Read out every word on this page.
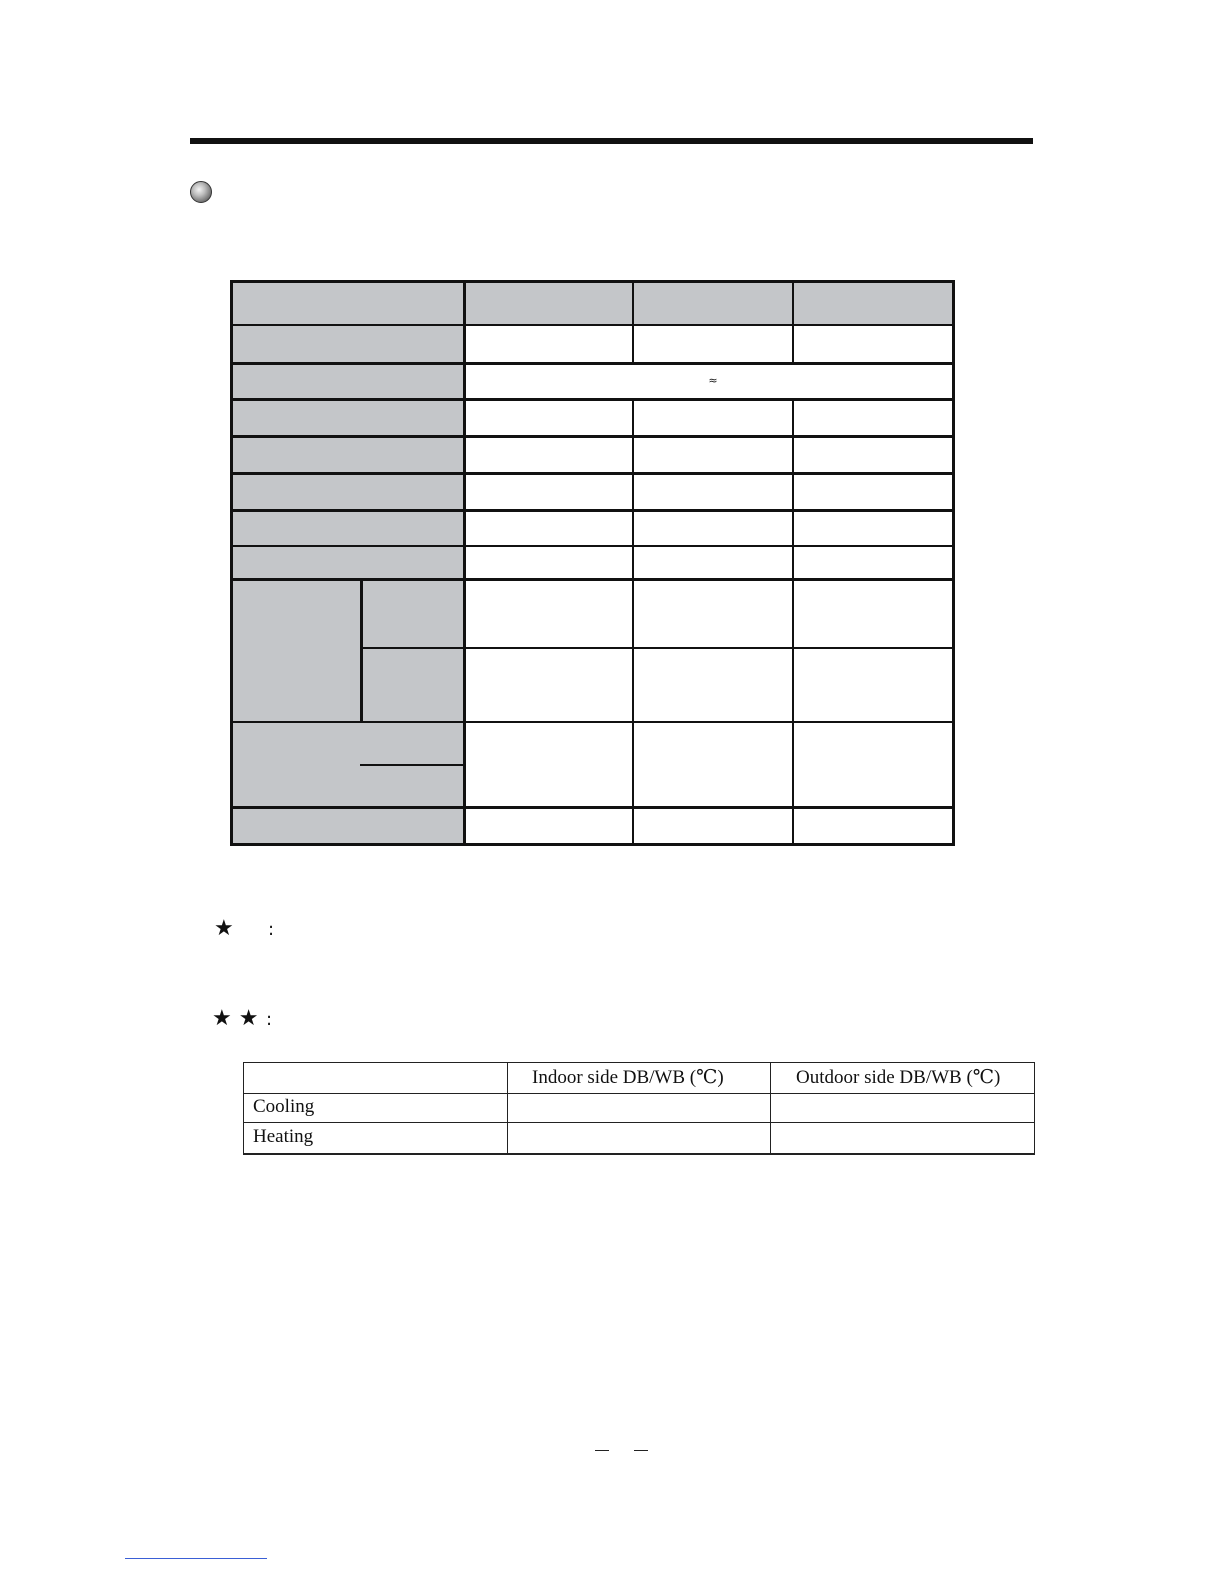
≈
★ :
★ ★ :
Indoor side DB/WB (℃)	Outdoor side DB/WB (℃)
Cooling
Heating
